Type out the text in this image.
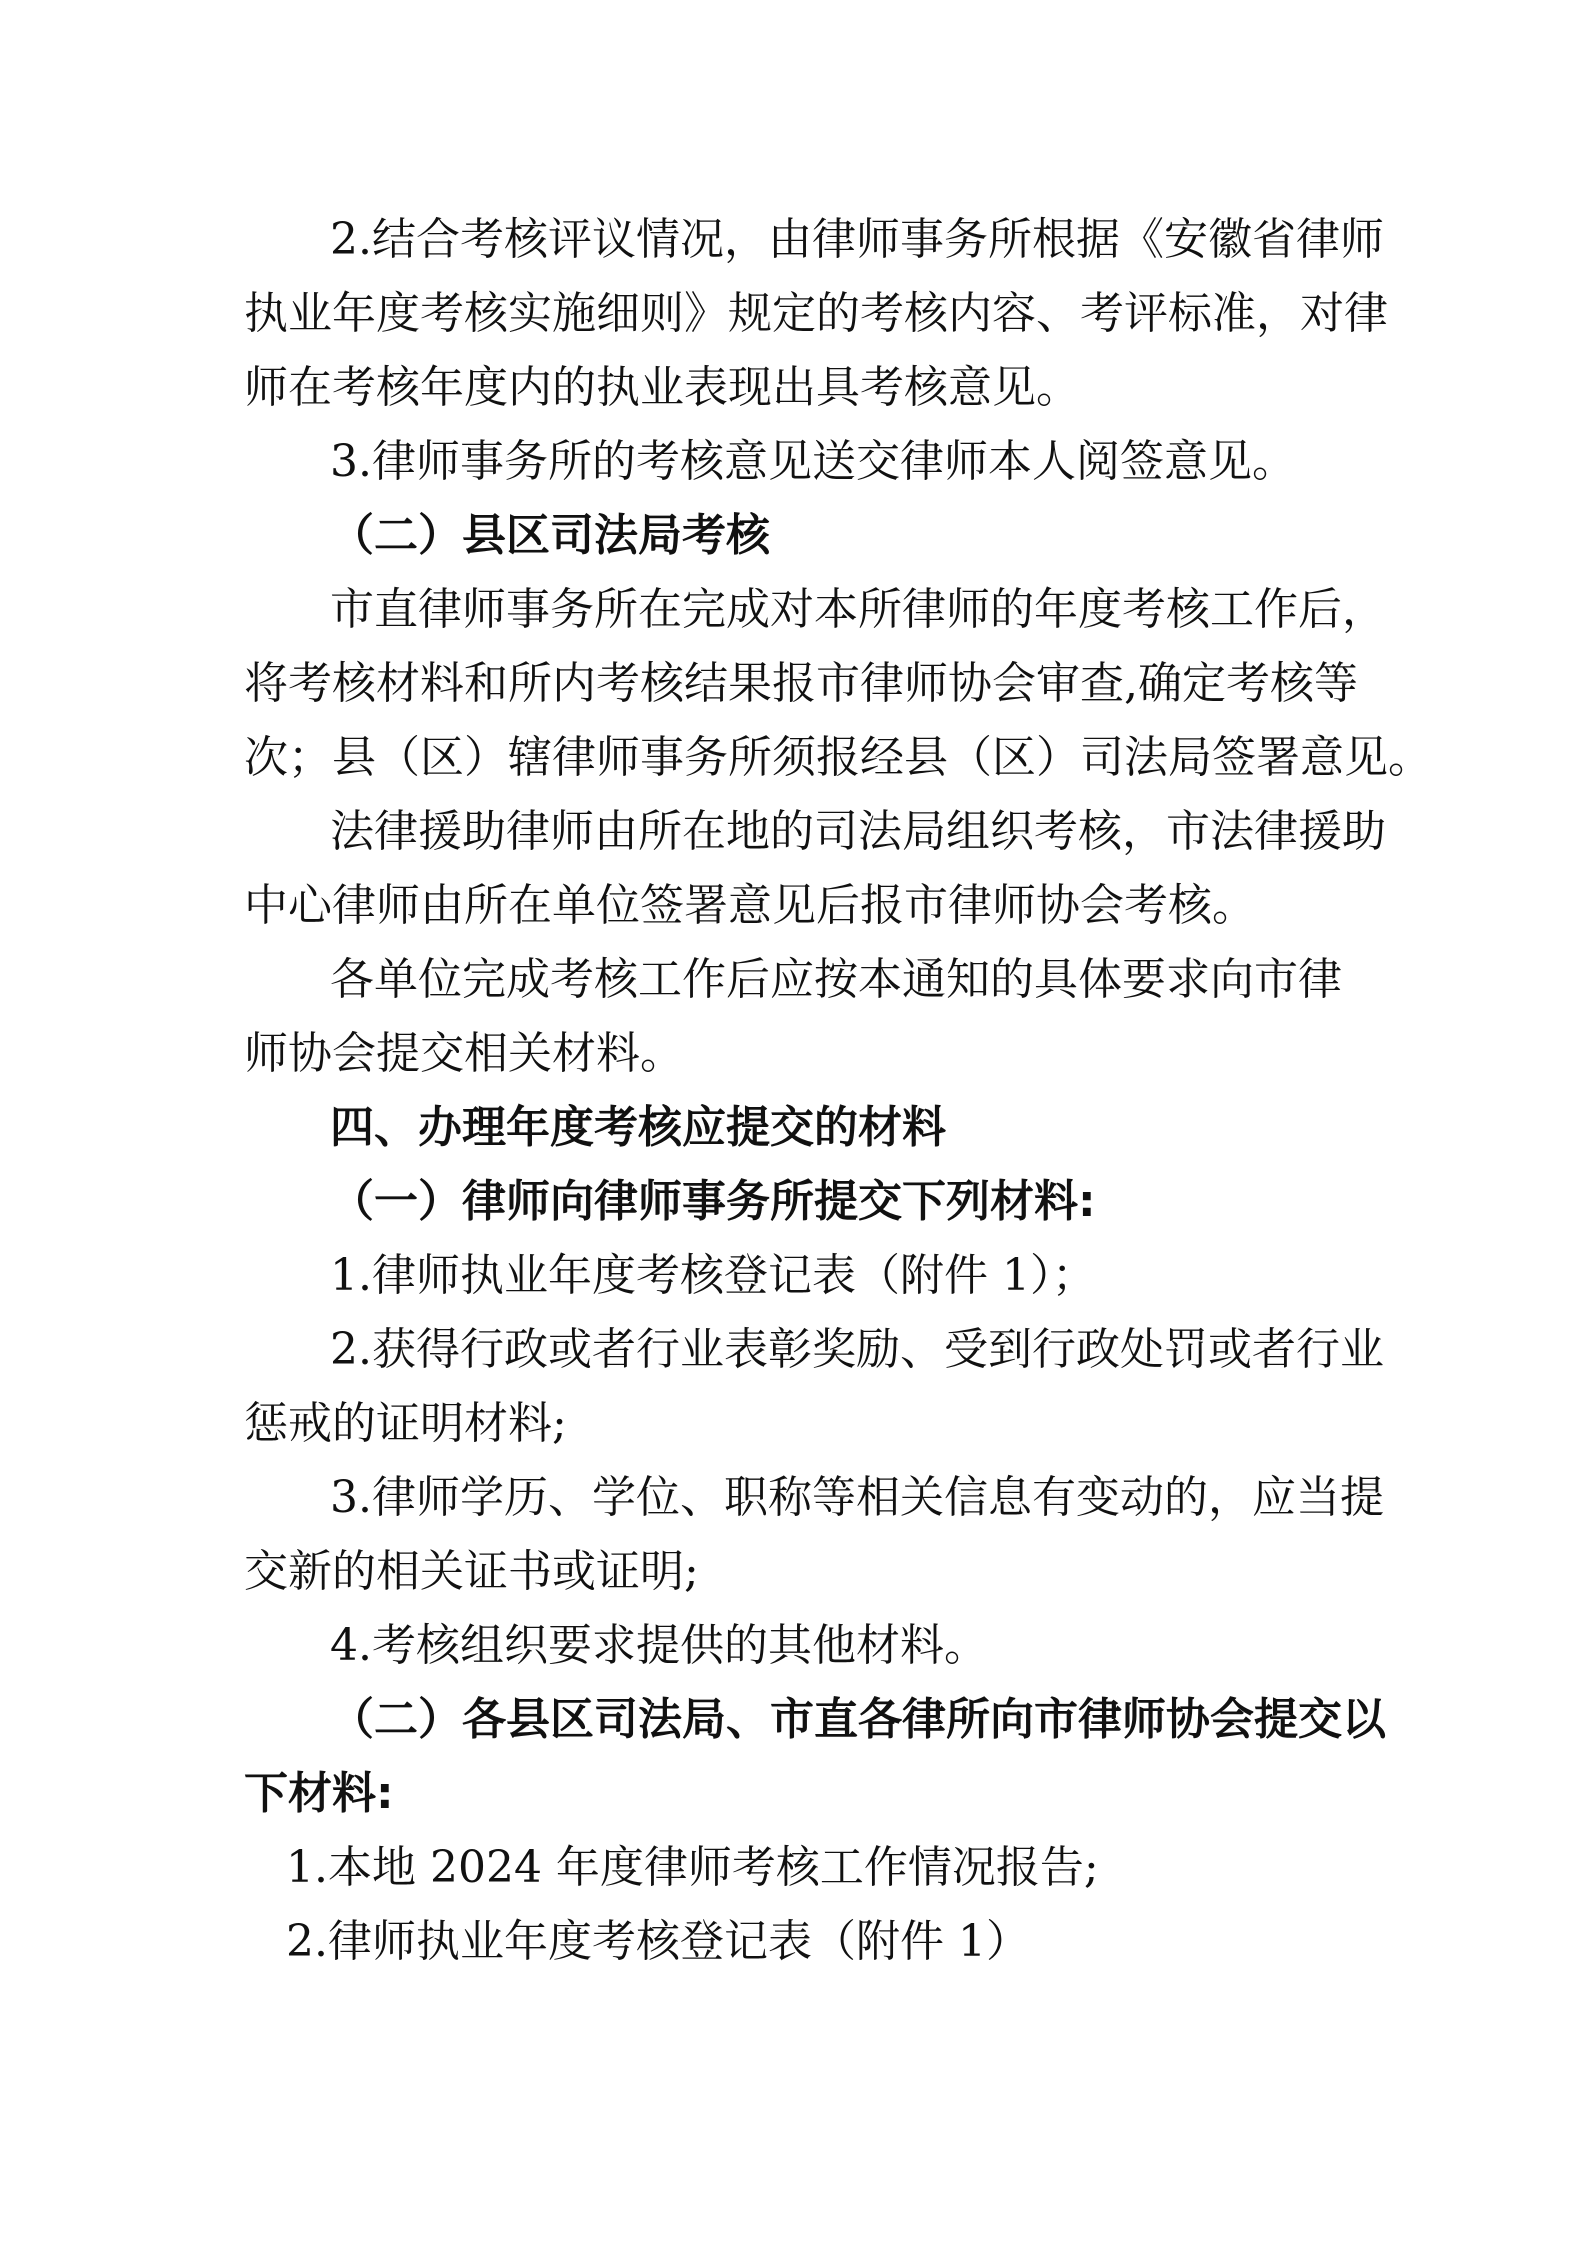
2.结合考核评议情况，由律师事务所根据《安徽省律师
执业年度考核实施细则》规定的考核内容、考评标准，对律
师在考核年度内的执业表现出具考核意见。
3.律师事务所的考核意见送交律师本人阅签意见。
（二）县区司法局考核
市直律师事务所在完成对本所律师的年度考核工作后，
将考核材料和所内考核结果报市律师协会审查,确定考核等
次；县（区）辖律师事务所须报经县（区）司法局签署意见。
法律援助律师由所在地的司法局组织考核，市法律援助
中心律师由所在单位签署意见后报市律师协会考核。
各单位完成考核工作后应按本通知的具体要求向市律
师协会提交相关材料。
四、办理年度考核应提交的材料
（一）律师向律师事务所提交下列材料:
1.律师执业年度考核登记表（附件 1）；
2.获得行政或者行业表彰奖励、受到行政处罚或者行业
惩戒的证明材料;
3.律师学历、学位、职称等相关信息有变动的，应当提
交新的相关证书或证明;
4.考核组织要求提供的其他材料。
（二）各县区司法局、市直各律所向市律师协会提交以
下材料:
1.本地 2024 年度律师考核工作情况报告;
2.律师执业年度考核登记表（附件 1）
